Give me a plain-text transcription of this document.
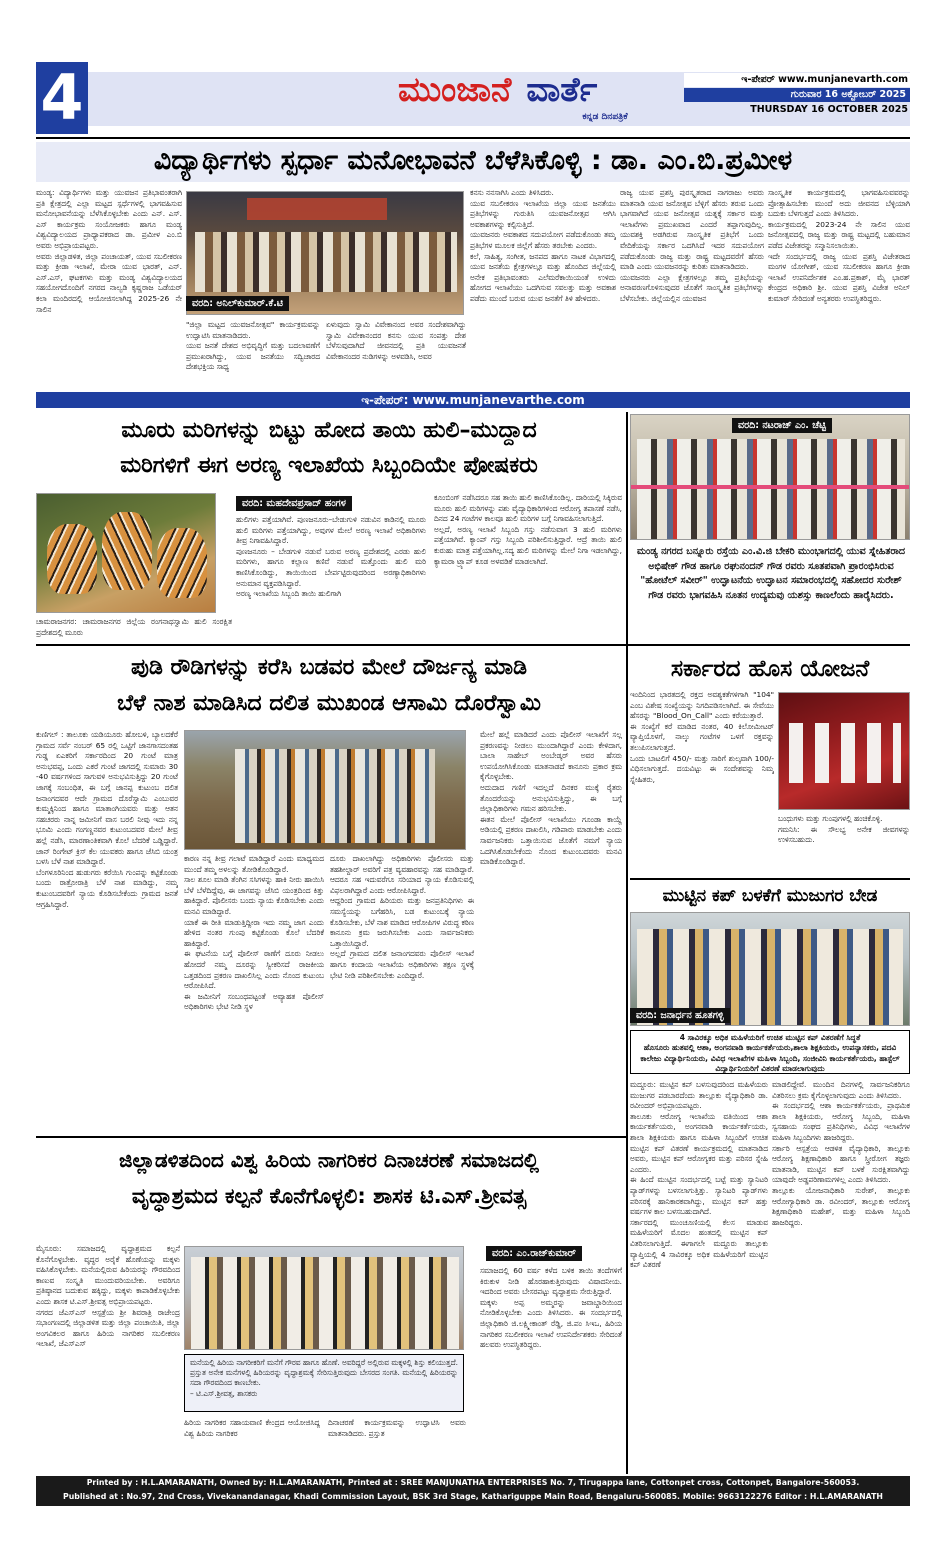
4	ಮುಂಜಾನೆ ವಾರ್ತೆ
ಕನ್ನಡ ದಿನಪತ್ರಿಕೆ
ಇ-ಪೇಪರ್ www.munjanevarth.com
ಗುರುವಾರ 16 ಅಕ್ಟೋಬರ್ 2025
THURSDAY 16 OCTOBER 2025
ವಿದ್ಯಾರ್ಥಿಗಳು ಸ್ಪರ್ಧಾ ಮನೋಭಾವನೆ ಬೆಳೆಸಿಕೊಳ್ಳಿ : ಡಾ. ಎಂ.ಬಿ.ಪ್ರಮೀಳ
ಮಂಡ್ಯ: ವಿದ್ಯಾರ್ಥಿಗಳು ಮತ್ತು ಯುವಜನ ಪ್ರತಿಭಾವಂತರಾಗಿ ಪ್ರತಿ ಕ್ಷೇತ್ರದಲ್ಲಿ ಎಲ್ಲಾ ಮಟ್ಟದ ಸ್ಪರ್ಧೆಗಳಲ್ಲಿ ಭಾಗವಹಿಸುವ ಮನೋಭಾವನೆಯನ್ನು ಬೆಳೆಸಿಕೊಳ್ಳಬೇಕು ಎಂದು ಎನ್. ಎಸ್. ಎಸ್ ಕಾರ್ಯಕ್ರಮ ಸಂಯೋಜಕರು ಹಾಗೂ ಮಂಡ್ಯ ವಿಶ್ವವಿದ್ಯಾಲಯದ ಪ್ರಾಧ್ಯಾಪಕರಾದ ಡಾ. ಪ್ರಮೀಳ ಎಂ.ಬಿ ಅವರು ಅಭಿಪ್ರಾಯಪಟ್ಟರು.
ಅವರು ಜಿಲ್ಲಾಡಳಿತ, ಜಿಲ್ಲಾ ಪಂಚಾಯತ್, ಯುವ ಸಬಲೀಕರಣ ಮತ್ತು ಕ್ರೀಡಾ ಇಲಾಖೆ, ಮೇರಾ ಯುವ ಭಾರತ್, ಎನ್. ಎಸ್.ಎಸ್, ಘಟಕಗಳು ಮತ್ತು ಮಂಡ್ಯ ವಿಶ್ವವಿದ್ಯಾಲಯದ ಸಹಯೋಗದೊಂದಿಗೆ ನಗರದ ನಾಲ್ವಡಿ ಕೃಷ್ಣರಾಜ ಒಡೆಯರ್ ಕಲಾ ಮಂದಿರದಲ್ಲಿ ಆಯೋಜಿಸಲಾಗಿದ್ದ 2025-26 ನೇ ಸಾಲಿನ
ವರದಿ: ಅನಿಲ್‌ಕುಮಾರ್.ಕೆ.ಟಿ
"ಜಿಲ್ಲಾ ಮಟ್ಟದ ಯುವಜನೋತ್ಸವ" ಕಾರ್ಯಕ್ರಮವನ್ನು ಉದ್ಘಾಟಿಸಿ ಮಾತನಾಡಿದರು.
ಯುವ ಜನತೆ ದೇಶದ ಅಭಿವೃದ್ಧಿಗೆ ಮತ್ತು ಬದಲಾವಣೆಗೆ ಪ್ರಮುಖರಾಗಿದ್ದು, ಯುವ ಜನತೆಯು ಸದ್ವಿಚಾರದ ದೇಶಭಕ್ತಿಯ ಸಾಧ್ಯ
ಏಳುವುದು ಸ್ವಾಮಿ ವಿವೇಕಾನಂದ ಅವರ ಸಂದೇಶವಾಗಿದ್ದು ಸ್ವಾಮಿ ವಿವೇಕಾನಂದರ ಕನಸು ಯುವ ಸಂಪತ್ತು ದೇಶ ಬೆಳೆಸುವುದಾಗಿದೆ ಜೀವನದಲ್ಲಿ ಪ್ರತಿ ಯುವಜನತೆ ವಿವೇಕಾನಂದರ ನುಡಿಗಳನ್ನು ಅಳವಡಿಸಿ, ಅವರ
ಕನಸು ನನಸಾಗಿಸಿ ಎಂದು ತಿಳಿಸಿದರು.
ಯುವ ಸಬಲೀಕರಣ ಇಲಾಖೆಯ ಜಿಲ್ಲಾ ಯುವ ಜನತೆಯು ಪ್ರತಿಭೆಗಳನ್ನು ಗುರುತಿಸಿ ಯುವಜನೋತ್ಸವ ಆಗಿಸಿ ಅವಕಾಶಗಳನ್ನು ಕಲ್ಪಿಸುತ್ತಿದೆ.
ಯುವಜನರು ಅವಕಾಶದ ಸದುಪಯೋಗ ಪಡೆದುಕೊಂಡು ತಮ್ಮ ಪ್ರತಿಭೆಗಳ ಮೂಲಕ ಜಿಲ್ಲೆಗೆ ಹೆಸರು ತರಬೇಕು ಎಂದರು.
ಕಲೆ, ಸಾಹಿತ್ಯ, ಸಂಗೀತ, ಜನಪದ ಹಾಗೂ ನಾಟಕ ವಿಭಾಗದಲ್ಲಿ ಯುವ ಜನತೆಯ ಕ್ಷೇತ್ರಗಳಲ್ಲೂ ಮತ್ತು ಹೊಂದಿದ ಜಿಲ್ಲೆಯಲ್ಲಿ ಅನೇಕ ಪ್ರತಿಭಾವಂತರು ಎಲೆಮರೆಕಾಯಿಯಂತೆ ಉಳಿದು ಹೋಗದ ಇಲಾಖೆಯು ಒದಗಿಸುವ ಸವಲತ್ತು ಮತ್ತು ಅವಕಾಶ ಪಡೆದು ಮುಂದೆ ಬರುವ ಯುವ ಜನತೆಗೆ ತಿಳಿ ಹೇಳಿದರು.
ರಾಜ್ಯ ಯುವ ಪ್ರಶಸ್ತಿ ಪುರಸ್ಕೃತರಾದ ನಾಗರಾಜು ಅವರು ಮಾತನಾಡಿ ಯುವ ಜನೋತ್ಸವ ಬೆಳ್ಳಿಗೆ ಹೆಸರು ತರುವ ಒಂದು ಭಾಗವಾಗಿದೆ ಯುವ ಜನೋತ್ಸವ ಯತ್ನಕ್ಕೆ ಸರ್ಕಾರ ಮತ್ತು ಇಲಾಖೆಗಳು ಪ್ರಮುಖವಾದ ಎಂದರೆ ತಪ್ಪಾಗುವುದಿಲ್ಲ. ಯುವಶಕ್ತಿ ಅಡಗಿರುವ ಸಾಂಸ್ಕೃತಿಕ ಪ್ರತಿಭೆಗೆ ಒಂದು ವೇದಿಕೆಯನ್ನು ಸರ್ಕಾರ ಒದಗಿಸಿದೆ ಇದರ ಸದುಪಯೋಗ ಪಡೆದುಕೊಂಡು ರಾಜ್ಯ ಮತ್ತು ರಾಷ್ಟ್ರ ಮಟ್ಟದವರೆಗೆ ಹೆಸರು ಮಾಡಿ ಎಂದು ಯುವಜನರನ್ನು ಕುರಿತು ಮಾತನಾಡಿದರು.
ಯುವಜನರು ಎಲ್ಲಾ ಕ್ಷೇತ್ರಗಳಲ್ಲೂ ತಮ್ಮ ಪ್ರತಿಭೆಯನ್ನು ಅನಾವರಣಗೊಳಿಸುವುದರ ಜೊತೆಗೆ ಸಾಂಸ್ಕೃತಿಕ ಪ್ರತಿಭೆಗಳನ್ನು ಬೆಳೆಸಬೇಕು. ಜಿಲ್ಲೆಯಲ್ಲಿನ ಯುವಜನ
ಸಾಂಸ್ಕೃತಿಕ ಕಾರ್ಯಕ್ರಮದಲ್ಲಿ ಭಾಗವಹಿಸುವವರನ್ನು ಪ್ರೋತ್ಸಾಹಿಸಬೇಕು ಮುಂದೆ ಅದು ಜೀವನದ ಬೆಳ್ಳಿಯಾಗಿ ಬದುಕು ಬೆಳಗುತ್ತದೆ ಎಂದು ತಿಳಿಸಿದರು.
ಕಾರ್ಯಕ್ರಮದಲ್ಲಿ 2023-24 ನೇ ಸಾಲಿನ ಯುವ ಜನೋತ್ಸವದಲ್ಲಿ ರಾಜ್ಯ ಮತ್ತು ರಾಷ್ಟ್ರ ಮಟ್ಟದಲ್ಲಿ ಬಹುಮಾನ ಪಡೆದ ವಿಜೇತರನ್ನು ಸನ್ಮಾನಿಸಲಾಯಿತು.
ಇದೇ ಸಂದರ್ಭದಲ್ಲಿ ರಾಜ್ಯ ಯುವ ಪ್ರಶಸ್ತಿ ವಿಜೇತರಾದ ಮಂಗಳ ಯೋಗೀಶ್, ಯುವ ಸಬಲೀಕರಣ ಹಾಗೂ ಕ್ರೀಡಾ ಇಲಾಖೆ ಉಪನಿರ್ದೇಶಕ ಎಂ.ಹ.ಪ್ರಕಾಶ್, ಮೈ ಭಾರತ್ ಕೇಂದ್ರದ ಅಧಿಕಾರಿ ಶ್ರೀ. ಯುವ ಪ್ರಶಸ್ತಿ ವಿಜೇತ ಅನಿಲ್ ಕುಮಾರ್ ಸೇರಿದಂತೆ ಅನ್ಯತರರು ಉಪಸ್ಥಿತರಿದ್ದರು.
ಇ-ಪೇಪರ್: www.munjanevarthe.com
ಮೂರು ಮರಿಗಳನ್ನು ಬಿಟ್ಟು ಹೋದ ತಾಯಿ ಹುಲಿ–ಮುದ್ದಾದ
ಮರಿಗಳಿಗೆ ಈಗ ಅರಣ್ಯ ಇಲಾಖೆಯ ಸಿಬ್ಬಂದಿಯೇ ಪೋಷಕರು
ಚಾಮರಾಜನಗರ: ಚಾಮರಾಜನಗರ ಜಿಲ್ಲೆಯ ರಂಗನಾಥಸ್ವಾಮಿ ಹುಲಿ ಸಂರಕ್ಷಿತ ಪ್ರದೇಶದಲ್ಲಿ ಮೂರು
ವರದಿ: ಮಹದೇವಪ್ರಸಾದ್ ಹಂಗಳ
ಹುಲಿಗಳು ಪತ್ತೆಯಾಗಿವೆ. ಪುಣಜನೂರು–ಬೇಡುಗುಳಿ ನಡುವಿನ ಕಾಡಿನಲ್ಲಿ ಮೂರು ಹುಲಿ ಮರಿಗಳು ಪತ್ತೆಯಾಗಿದ್ದು, ಅವುಗಳ ಮೇಲೆ ಅರಣ್ಯ ಇಲಾಖೆ ಅಧಿಕಾರಿಗಳು ತೀವ್ರ ನಿಗಾವಹಿಸಿದ್ದಾರೆ.
ಪುಣಜನೂರು – ಬೇಡಗುಳಿ ನಡುವೆ ಬರುವ ಅರಣ್ಯ ಪ್ರದೇಶದಲ್ಲಿ ಎರಡು ಹುಲಿ ಮರಿಗಳು, ಹಾಗೂ ಕಲ್ಲಾಣ ಕಣಿವೆ ನಡುವೆ ಮತ್ತೊಂದು ಹುಲಿ ಮರಿ ಕಾಣಿಸಿಕೊಂಡಿದ್ದು, ತಾಯಿಯಿಂದ ಬೇರ್ಪಟ್ಟಿರುವುದರಿಂದ ಅರಣ್ಯಾಧಿಕಾರಿಗಳು ಅನುಮಾನ ವ್ಯಕ್ತಪಡಿಸಿದ್ದಾರೆ.
ಅರಣ್ಯ ಇಲಾಖೆಯ ಸಿಬ್ಬಂದಿ ತಾಯಿ ಹುಲಿಗಾಗಿ
ಕೂಂಬಿಂಗ್ ನಡೆಸಿದರೂ ಸಹ ತಾಯಿ ಹುಲಿ ಕಾಣಿಸಿಕೊಂಡಿಲ್ಲ. ದಾರಿಯಲ್ಲಿ ಸಿಕ್ಕಿರುವ ಮೂರು ಹುಲಿ ಮರಿಗಳನ್ನು ಪಶು ವೈದ್ಯಾಧಿಕಾರಿಗಳಿಂದ ಆರೋಗ್ಯ ತಪಾಸಣೆ ನಡೆಸಿ, ದಿನದ 24 ಗಂಟೆಗಳ ಕಾಲವೂ ಹುಲಿ ಮರಿಗಳ ಬಗ್ಗೆ ನಿಗಾವಹಿಸಲಾಗುತ್ತಿದೆ.
ಅಲ್ಲದೆ, ಅರಣ್ಯ ಇಲಾಖೆ ಸಿಬ್ಬಂದಿ ಗಸ್ತು ನಡೆಸುವಾಗ 3 ಹುಲಿ ಮರಿಗಳು ಪತ್ತೆಯಾಗಿವೆ. ಕ್ಯಾಂಪ್ ಗಸ್ತು ಸಿಬ್ಬಂದಿ ಪರಿಶೀಲಿಸುತ್ತಿದ್ದಾರೆ. ಆದ್ರೆ ತಾಯಿ ಹುಲಿ ಕುರುಹು ಮಾತ್ರ ಪತ್ತೆಯಾಗಿಲ್ಲ.ಸದ್ಯ ಹುಲಿ ಮರಿಗಳನ್ನು ಮೇಲೆ ನಿಗಾ ಇಡಲಾಗಿದ್ದು, ಕ್ಯಾಮರಾ ಟ್ರ್ಯಾಪ್ ಕೂಡ ಅಳವಡಿಕೆ ಮಾಡಲಾಗಿದೆ.
ವರದಿ: ನಟರಾಜ್ ಎಂ. ಚೆಟ್ಟಿ
ಮಂಡ್ಯ ನಗರದ ಬನ್ನೂರು ರಸ್ತೆಯ ಎಂ.ವಿ.ಜಿ ಬೇಕರಿ ಮುಂಭಾಗದಲ್ಲಿ ಯುವ ಸ್ನೇಹಿತರಾದ ಅಭಿಷೇಕ್ ಗೌಡ ಹಾಗೂ ರಘುನಂದನ್ ಗೌಡ ರವರು ಸೂತಪವಾಗಿ ಪ್ರಾರಂಭಿಸಿರುವ "ಹೋಟೆಲ್ ಸವೀರ್" ಉದ್ಘಾಟನೆಯ ಉದ್ಘಾಟನ ಸಮಾರಂಭದಲ್ಲಿ ಸಹೋದರ ಸುರೇಶ್ ಗೌಡ ರವರು ಭಾಗವಹಿಸಿ ನೂತನ ಉದ್ಯಮವು ಯಶಸ್ಸು ಕಾಣಲೆಂದು ಹಾರೈಸಿದರು.
ಪುಡಿ ರೌಡಿಗಳನ್ನು ಕರೆಸಿ ಬಡವರ ಮೇಲೆ ದೌರ್ಜನ್ಯ ಮಾಡಿ
ಬೆಳೆ ನಾಶ ಮಾಡಿಸಿದ ದಲಿತ ಮುಖಂಡ ಆಸಾಮಿ ದೊರೆಸ್ವಾಮಿ
ಕುಣಿಗಲ್ : ತಾಲೂಕು ಯಡಿಯೂರು ಹೋಬಳಿ, ಬ್ಯಾಲದಕೆರೆ ಗ್ರಾಮದ ಸರ್ವೆ ನಂಬರ್ 65 ರಲ್ಲಿ ಒಟ್ಟಿಗೆ ಜಾನಗಾಸದಂತಹ ಗುಡ್ಡ ಏಎಕರಿಗೆ ಸರ್ಕಾರದಿಂದ 20 ಗುಂಟೆ ಮಾತ್ರ ಅನುಭವಪ್ಪ, ಒಂದು ಎಕರೆ ಗುಂಟೆ ಜಾಗದಲ್ಲಿ ಸುಮಾರು 30 -40 ವರ್ಷಗಳಿಂದ ಸಾಗುವಳಿ ಅನುಭವಿಸುತ್ತಿದ್ದು 20 ಗುಂಟೆ ಜಾಗಕ್ಕೆ ಸಂಬಂಧಿತ, ಈ ಬಗ್ಗೆ ಜಾನಪ್ಪ ಕುಟುಂಬ ದಲಿತ ಜನಾಂಗದವರ ಆದೇ ಗ್ರಾಮದ ದೊರೆಸ್ವಾಮಿ ಎಂಬುವರ ಕುಮ್ಮಕ್ಕಿನಿಂದ ಹಾಗೂ ಮಾತಾಂಗಿಯವರು ಮತ್ತು ಆತನ ಸಹಚರರು ನಾನ್ನ ಜಮೀನಿಗೆ ವಾಸ ಬರಲಿ ನೀವು ಇದು ನನ್ನ ಭೂಮಿ ಎಂದು ಗಂಗಣ್ಣನವರ ಕುಟುಂಬದವರ ಮೇಲೆ ತೀವ್ರ ಹಲ್ಲೆ ನಡೆಸಿ, ಮಾರಣಾಂತಿಕವಾಗಿ ಕೊಲೆ ಬೆದರಿಕೆ ಒಡ್ಡಿದ್ದಾರೆ. ಜಾನ್‌ ರಿಂಗೇಟ್ ಕ್ರಿಸ್‌ ಕೆಲ ಯುವಕರು ಹಾಗೂ ಜೆಸಿಬಿ ಯಂತ್ರ ಬಳಸಿ ಬೆಳೆ ನಾಶ ಮಾಡಿದ್ದಾರೆ.
ಬೆಂಗಳೂರಿನಿಂದ ಹುಡುಗರು ಕರೆಯಿಸಿ ಗುಂಪನ್ನು ಕಟ್ಟಿಕೊಂಡು ಬಂದು ರಾತ್ರೋರಾತ್ರಿ ಬೆಳೆ ನಾಶ ಮಾಡಿದ್ದು, ನಮ್ಮ ಕುಟುಂಬದವರಿಗೆ ನ್ಯಾಯ ಕೊಡಿಸಬೇಕೆಂದು ಗ್ರಾಮದ ಜನತೆ ಆಗ್ರಹಿಸಿದ್ದಾರೆ.
ಕಾರಣ ನನ್ನ ತೀವ್ರ ಗಲಾಟೆ ಮಾಡಿದ್ದಾರೆ ಎಂದು ಮಾಧ್ಯಮದ ಮುಂದೆ ತಮ್ಮ ಅಳಲನ್ನು ತೋಡಿಕೊಂಡಿದ್ದಾರೆ.
ಸಾಲ ಶೂಲ ಮಾಡಿ ತೆಂಗಿನ ಸಸಿಗಳನ್ನು ಹಾಕಿ ನೀರು ಹಾಯಿಸಿ ಬೆಳೆ ಬೆಳೆದಿದ್ದೆವು, ಈ ಜಾಗವನ್ನು ಜೆಸಿಬಿ ಯಂತ್ರದಿಂದ ಕಿತ್ತು ಹಾಕಿದ್ದಾರೆ. ಪೊಲೀಸರು ಬಂದು ನ್ಯಾಯ ಕೊಡಿಸಬೇಕು ಎಂದು ಮನವಿ ಮಾಡಿದ್ದಾರೆ.
ಯಾಕೆ ಈ ರೀತಿ ಮಾಡುತ್ತಿದ್ದೀರಾ ಇದು ನಮ್ಮ ಜಾಗ ಎಂದು ಹೇಳಿದ ನಂತರ ಗುಂಪು ಕಟ್ಟಿಕೊಂಡು ಕೊಲೆ ಬೆದರಿಕೆ ಹಾಕಿದ್ದಾರೆ.
ಈ ಘಟನೆಯ ಬಗ್ಗೆ ಪೊಲೀಸ್ ಠಾಣೆಗೆ ದೂರು ನೀಡಲು ಹೋದರೆ ನಮ್ಮ ದೂರನ್ನು ಸ್ವೀಕರಿಸದೆ ರಾಜಕೀಯ ಒತ್ತಡದಿಂದ ಪ್ರಕರಣ ದಾಖಲಿಸಿಲ್ಲ ಎಂದು ನೊಂದ ಕುಟುಂಬ ಆರೋಪಿಸಿದೆ.
ಈ ಜಮೀನಿಗೆ ಸಂಬಂಧಪಟ್ಟಂತೆ ಅವ್ಯಾಹತ ಪೊಲೀಸ್ ಅಧಿಕಾರಿಗಳು ಭೇಟಿ ನೀಡಿ ಸ್ಥಳ
ದೂರು ದಾಖಲಾಗಿದ್ದು ಅಧಿಕಾರಿಗಳು ಪೊಲೀಸರು ಮತ್ತು ತಹಶೀಲ್ದಾರ್ ಅವರಿಗೆ ಪತ್ರ ವ್ಯವಹಾರವನ್ನು ಸಹ ಮಾಡಿದ್ದಾರೆ. ಆದರೂ ಸಹ ಇದುವರೆಗೂ ಸರಿಯಾದ ನ್ಯಾಯ ಕೊಡಿಸುವಲ್ಲಿ ವಿಫಲರಾಗಿದ್ದಾರೆ ಎಂದು ಆರೋಪಿಸಿದ್ದಾರೆ.
ಆದ್ದರಿಂದ ಗ್ರಾಮದ ಹಿರಿಯರು ಮತ್ತು ಜನಪ್ರತಿನಿಧಿಗಳು ಈ ಸಮಸ್ಯೆಯನ್ನು ಬಗೆಹರಿಸಿ, ಬಡ ಕುಟುಂಬಕ್ಕೆ ನ್ಯಾಯ ಕೊಡಿಸಬೇಕು, ಬೆಳೆ ನಾಶ ಮಾಡಿದ ಆರೋಪಿಗಳ ವಿರುದ್ಧ ಕಠಿಣ ಕಾನೂನು ಕ್ರಮ ಜರುಗಿಸಬೇಕು ಎಂದು ಸಾರ್ವಜನಿಕರು ಒತ್ತಾಯಿಸಿದ್ದಾರೆ.
ಅಲ್ಲದೆ ಗ್ರಾಮದ ದಲಿತ ಜನಾಂಗದವರು ಪೊಲೀಸ್ ಇಲಾಖೆ ಹಾಗೂ ಕಂದಾಯ ಇಲಾಖೆಯ ಅಧಿಕಾರಿಗಳು ತಕ್ಷಣ ಸ್ಥಳಕ್ಕೆ ಭೇಟಿ ನೀಡಿ ಪರಿಶೀಲಿಸಬೇಕು ಎಂದಿದ್ದಾರೆ.
ಮೇಲೆ ಹಲ್ಲೆ ಮಾಡಿದರೆ ಎಂದು ಪೊಲೀಸ್ ಇಲಾಖೆಗೆ ಸಲ್ಲ ಪ್ರಕರಣವನ್ನು ನೀಡಲು ಮುಂದಾಗಿದ್ದಾರೆ ಎಂದು ಕೇಳಿದಾಗ, ಬಾಲಾ ಸಾಹೇಬ್ ಅಂಬೇಡ್ಕರ್ ಅವರ ಹೆಸರು ಉಪಯೋಗಿಸಿಕೊಂಡು ಮಾತನಾಡದೆ ಕಾನೂನು ಪ್ರಕಾರ ಕ್ರಮ ಕೈಗೊಳ್ಳಬೇಕು.
ಅದುದಾದ ಗಣಿಗೆ ಇದಲ್ಲದೆ ದಿನಕರ ಮುಕ್ಕೆ ರೈತರು ತೊಂದರೆಯನ್ನು ಅನುಭವಿಸುತ್ತಿದ್ದು, ಈ ಬಗ್ಗೆ ಜಿಲ್ಲಾಧಿಕಾರಿಗಳು ಗಮನ ಹರಿಸಬೇಕು.
ಈತನ ಮೇಲೆ ಪೊಲೀಸ್ ಇಲಾಖೆಯು ಗೂಂಡಾ ಕಾಯ್ದೆ ಅಡಿಯಲ್ಲಿ ಪ್ರಕರಣ ದಾಖಲಿಸಿ, ಗಡಿಪಾರು ಮಾಡಬೇಕು ಎಂದು ಸಾರ್ವಜನಿಕರು ಒತ್ತಾಯಿಸುವ ಜೊತೆಗೆ ನಮಗೆ ನ್ಯಾಯ ಒದಗಿಸಿಕೊಡಬೇಕೆಂದು ನೊಂದ ಕುಟುಂಬದವರು ಮನವಿ ಮಾಡಿಕೊಂಡಿದ್ದಾರೆ.
ಸರ್ಕಾರದ ಹೊಸ ಯೋಜನೆ
ಇಂದಿನಿಂದ ಭಾರತದಲ್ಲಿ ರಕ್ತದ ಅವಶ್ಯಕತೆಗಳಿಗಾಗಿ "104" ಎಂಬ ವಿಶೇಷ ಸಂಖ್ಯೆಯನ್ನು ನಿಗದಿಪಡಿಸಲಾಗಿದೆ. ಈ ಸೇವೆಯು ಹೆಸರನ್ನು "Blood_On_Call" ಎಂದು ಕರೆಯುತ್ತಾರೆ.
ಈ ಸಂಖ್ಯೆಗೆ ಕರೆ ಮಾಡಿದ ನಂತರ, 40 ಕಿಲೋಮೀಟರ್ ವ್ಯಾಪ್ತಿಯೊಳಗೆ, ನಾಲ್ಕು ಗಂಟೆಗಳ ಒಳಗೆ ರಕ್ತವನ್ನು ತಲುಪಿಸಲಾಗುತ್ತದೆ.
ಒಂದು ಬಾಟಲಿಗೆ 450/- ಮತ್ತು ಸಾರಿಗೆ ಶುಲ್ಕವಾಗಿ 100/- ವಿಧಿಸಲಾಗುತ್ತದೆ. ದಯವಿಟ್ಟು ಈ ಸಂದೇಶವನ್ನು ನಿಮ್ಮ ಸ್ನೇಹಿತರು,
ಬಂಧುಗಳು ಮತ್ತು ಗುಂಪುಗಳಲ್ಲಿ ಹಂಚಿಕೊಳ್ಳಿ.
ಗಮನಿಸಿ: ಈ ಸೌಲಭ್ಯ ಅನೇಕ ಜೀವಗಳನ್ನು ಉಳಿಸಬಹುದು.
ಮುಟ್ಟಿನ ಕಪ್ ಬಳಕೆಗೆ ಮುಜುಗರ ಬೇಡ
ವರದಿ: ಜನಾರ್ಧನ ಹೂತಗಳ್ಳಿ
4 ಸಾವಿರಕ್ಕೂ ಅಧಿಕ ಮಹಿಳೆಯರಿಗೆ ಉಚಿತ ಮುಟ್ಟಿನ ಕಪ್ ವಿತರಣೆಗೆ ಸಿದ್ಧತೆ
ಹೊಸೂರು ಹುತವಲ್ಲಿ ಆಶಾ, ಅಂಗನವಾಡಿ ಕಾರ್ಯಕರ್ತೆಯರು,ಶಾಲಾ ಶಿಕ್ಷಕಿಯರು, ಉಪನ್ಯಾಸಕರು, ಪದವಿ ಕಾಲೇಜು ವಿದ್ಯಾರ್ಥಿನಿಯರು, ವಿವಿಧ ಇಲಾಖೆಗಳ ಮಹಿಳಾ ಸಿಬ್ಬಂದಿ, ಸಂಜೀವಿನಿ ಕಾರ್ಯಕರ್ತೆಯರು, ಹಾಸ್ಟೆಲ್ ವಿದ್ಯಾರ್ಥಿನಿಯರಿಗೆ ವಿತರಣೆ ಮಾಡಲಾಗುವುದು

ಮದ್ದೂರು: ಮುಟ್ಟಿನ ಕಪ್ ಬಳಸುವುದರಿಂದ ಮಹಿಳೆಯರು ಮುಜುಗರ ಪಡಬಾರದೆಂದು ತಾಲ್ಲೂಕು ವೈದ್ಯಾಧಿಕಾರಿ ಡಾ. ರವೀಂದರ್ ಅಭಿಪ್ರಾಯಪಟ್ಟರು.
ತಾಲೂಕು ಆರೋಗ್ಯ ಇಲಾಖೆಯ ವತಿಯಿಂದ ಆಶಾ ಕಾರ್ಯಕರ್ತೆಯರು, ಅಂಗನವಾಡಿ ಕಾರ್ಯಕರ್ತೆಯರು, ಶಾಲಾ ಶಿಕ್ಷಕಿಯರು ಹಾಗೂ ಮಹಿಳಾ ಸಿಬ್ಬಂದಿಗೆ ಉಚಿತ ಮುಟ್ಟಿನ ಕಪ್ ವಿತರಣೆ ಕಾರ್ಯಕ್ರಮದಲ್ಲಿ ಮಾತನಾಡಿದ ಅವರು, ಮುಟ್ಟಿನ ಕಪ್ ಆರೋಗ್ಯಕರ ಮತ್ತು ಪರಿಸರ ಸ್ನೇಹಿ ಎಂದರು.
ಈ ಹಿಂದೆ ಮುಟ್ಟಿನ ಸಂದರ್ಭದಲ್ಲಿ ಬಟ್ಟೆ ಮತ್ತು ಸ್ಯಾನಿಟರಿ ಪ್ಯಾಡ್‌ಗಳನ್ನು ಬಳಸಲಾಗುತ್ತಿತ್ತು. ಸ್ಯಾನಿಟರಿ ಪ್ಯಾಡ್‌ಗಳು ಪರಿಸರಕ್ಕೆ ಹಾನಿಕಾರಕವಾಗಿದ್ದು, ಮುಟ್ಟಿನ ಕಪ್ ಹತ್ತು ವರ್ಷಗಳ ಕಾಲ ಬಳಸಬಹುದಾಗಿದೆ.
ಸರ್ಕಾರದಲ್ಲಿ ಮುಂಚೂಣಿಯಲ್ಲಿ ಕೆಲಸ ಮಾಡುವ ಮಹಿಳೆಯರಿಗೆ ಮೊದಲ ಹಂತದಲ್ಲಿ ಮುಟ್ಟಿನ ಕಪ್ ವಿತರಿಸಲಾಗುತ್ತಿದೆ. ಈಗಾಗಲೇ ಮದ್ದೂರು ತಾಲ್ಲೂಕು ವ್ಯಾಪ್ತಿಯಲ್ಲಿ 4 ಸಾವಿರಕ್ಕೂ ಅಧಿಕ ಮಹಿಳೆಯರಿಗೆ ಮುಟ್ಟಿನ ಕಪ್ ವಿತರಣೆ
ಮಾಡಲಿದ್ದೇವೆ. ಮುಂದಿನ ದಿನಗಳಲ್ಲಿ ಸಾರ್ವಜನಿಕರಿಗೂ ವಿತರಿಸಲು ಕ್ರಮ ಕೈಗೊಳ್ಳಲಾಗುವುದು ಎಂದು ತಿಳಿಸಿದರು.
ಈ ಸಂದರ್ಭದಲ್ಲಿ ಆಶಾ ಕಾರ್ಯಕರ್ತೆಯರು, ಪ್ರಾಥಮಿಕ ಶಾಲಾ ಶಿಕ್ಷಕಿಯರು, ಆರೋಗ್ಯ ಸಿಬ್ಬಂದಿ, ಮಹಿಳಾ ಸ್ವಸಹಾಯ ಸಂಘದ ಪ್ರತಿನಿಧಿಗಳು, ವಿವಿಧ ಇಲಾಖೆಗಳ ಮಹಿಳಾ ಸಿಬ್ಬಂದಿಗಳು ಹಾಜರಿದ್ದರು.
ಸರ್ಕಾರಿ ಆಸ್ಪತ್ರೆಯ ಆಡಳಿತ ವೈದ್ಯಾಧಿಕಾರಿ, ತಾಲ್ಲೂಕು ಆರೋಗ್ಯ ಶಿಕ್ಷಣಾಧಿಕಾರಿ ಹಾಗೂ ಸ್ತ್ರೀರೋಗ ತಜ್ಞರು ಮಾತನಾಡಿ, ಮುಟ್ಟಿನ ಕಪ್ ಬಳಕೆ ಸುರಕ್ಷಿತವಾಗಿದ್ದು ಯಾವುದೇ ಅಡ್ಡಪರಿಣಾಮಗಳಿಲ್ಲ ಎಂದು ತಿಳಿಸಿದರು.
ತಾಲ್ಲೂಕು ಯೋಜನಾಧಿಕಾರಿ ಸುರೇಶ್, ತಾಲ್ಲೂಕು ಆರೋಗ್ಯಾಧಿಕಾರಿ ಡಾ. ರವೀಂದರ್, ತಾಲ್ಲೂಕು ಆರೋಗ್ಯ ಶಿಕ್ಷಣಾಧಿಕಾರಿ ಮಹೇಶ್, ಮತ್ತು ಮಹಿಳಾ ಸಿಬ್ಬಂದಿ ಹಾಜರಿದ್ದರು.
ಜಿಲ್ಲಾಡಳಿತದಿಂದ ವಿಶ್ವ ಹಿರಿಯ ನಾಗರಿಕರ ದಿನಾಚರಣೆ ಸಮಾಜದಲ್ಲಿ
ವೃದ್ಧಾಶ್ರಮದ ಕಲ್ಪನೆ ಕೊನೆಗೊಳ್ಳಲಿ: ಶಾಸಕ ಟಿ.ಎಸ್.ಶ್ರೀವತ್ಸ
ಮೈಸೂರು: ಸಮಾಜದಲ್ಲಿ ವೃದ್ಧಾಶ್ರಮದ ಕಲ್ಪನೆ ಕೊನೆಗೊಳ್ಳಬೇಕು. ವೃದ್ಧರ ಅರೈಕೆ ಹೊಣೆಯನ್ನು ಮಕ್ಕಳು ವಹಿಸಿಕೊಳ್ಳಬೇಕು. ಮನೆಯಲ್ಲಿರುವ ಹಿರಿಯರನ್ನು ಗೌರವದಿಂದ ಕಾಣುವ ಸಂಸ್ಕೃತಿ ಮುಂದುವರಿಯಬೇಕು. ಅವರಿಗೂ ಪ್ರತಿಷ್ಠಾನದ ಬದುಕುವ ಹಕ್ಕಿದ್ದು, ಮಕ್ಕಳು ಕಾಪಾಡಿಕೊಳ್ಳಬೇಕು ಎಂದು ಶಾಸಕ ಟಿ.ಎಸ್.ಶ್ರೀವತ್ಸ ಅಭಿಪ್ರಾಯಪಟ್ಟರು.
ನಗರದ ಜೆಎಸ್‌ಎಸ್ ಆಸ್ಪತ್ರೆಯ ಶ್ರೀ ಶಿವರಾತ್ರಿ ರಾಜೇಂದ್ರ ಸಭಾಂಗಣದಲ್ಲಿ ಜಿಲ್ಲಾಡಳಿತ ಮತ್ತು ಜಿಲ್ಲಾ ಪಂಚಾಯಿತಿ, ಜಿಲ್ಲಾ ಅಂಗವಿಕಲರ ಹಾಗೂ ಹಿರಿಯ ನಾಗರಿಕರ ಸಬಲೀಕರಣ ಇಲಾಖೆ, ಜೆಎಸ್‌ಎಸ್
ವರದಿ: ಎಂ.ರಾಜ್‌ಕುಮಾರ್
ಮನೆಯಲ್ಲಿ ಹಿರಿಯ ನಾಗರೀಕರಿಗೆ ಮನೆಗೆ ಗೌರವ ಹಾಗೂ ಹೊಣೆ. ಅವರಿದ್ದರೆ ಅಲ್ಲಿರುವ ಮಕ್ಕಳಲ್ಲಿ ಶಿಸ್ತು ಕಲಿಯುತ್ತದೆ. ಪ್ರಸ್ತುತ ಅನೇಕ ಮನೆಗಳಲ್ಲಿ ಹಿರಿಯರನ್ನು ವೃದ್ಧಾಶ್ರಮಕ್ಕೆ ಸೇರಿಸುತ್ತಿರುವುದು ಬೇಸರದ ಸಂಗತಿ. ಮನೆಯಲ್ಲಿ ಹಿರಿಯರನ್ನು ಸದಾ ಗೌರವದಿಂದ ಕಾಣಬೇಕು.
– ಟಿ.ಎಸ್.ಶ್ರೀವತ್ಸ, ಶಾಸಕರು
ಹಿರಿಯ ನಾಗರಿಕರ ಸಹಾಯವಾಣಿ ಕೇಂದ್ರದ ಆಯೋಜಿಸಿದ್ದ ವಿಶ್ವ ಹಿರಿಯ ನಾಗರಿಕರ
ದಿನಾಚರಣೆ ಕಾರ್ಯಕ್ರಮವನ್ನು ಉದ್ಘಾಟಿಸಿ ಅವರು ಮಾತನಾಡಿದರು. ಪ್ರಸ್ತುತ
ಸಮಾಜದಲ್ಲಿ 60 ವರ್ಷ ಕಳೆದ ಬಳಿಕ ತಾಯಿ ತಂದೆಗಳಿಗೆ ಕಿರುಕುಳ ನೀಡಿ ಹೊರಹಾಕುತ್ತಿರುವುದು ವಿಷಾದನೀಯ. ಇದರಿಂದ ಅವರು ಬೇಸರಪಟ್ಟು ವೃದ್ಧಾಶ್ರಮ ಸೇರುತ್ತಿದ್ದಾರೆ.
ಮಕ್ಕಳು ಅಪ್ಪ ಅಮ್ಮರನ್ನು ಜವಾಬ್ದಾರಿಯಿಂದ ನೋಡಿಕೊಳ್ಳಬೇಕು ಎಂದು ತಿಳಿಸಿದರು. ಈ ಸಂದರ್ಭದಲ್ಲಿ ಜಿಲ್ಲಾಧಿಕಾರಿ ಜಿ.ಲಕ್ಷ್ಮೀಕಾಂತ್ ರೆಡ್ಡಿ, ಜಿ.ಪಂ ಸಿಇಒ, ಹಿರಿಯ ನಾಗರಿಕರ ಸಬಲೀಕರಣ ಇಲಾಖೆ ಉಪನಿರ್ದೇಶಕರು ಸೇರಿದಂತೆ ಹಲವರು ಉಪಸ್ಥಿತರಿದ್ದರು.
Printed by : H.L.AMARANATH, Owned by: H.L.AMARANATH, Printed at : SREE MANJUNATHA ENTERPRISES No. 7, Tirugappa lane, Cottonpet cross, Cottonpet, Bangalore-560053.
Published at : No.97, 2nd Cross, Vivekanandanagar, Khadi Commission Layout, BSK 3rd Stage, Kathariguppe Main Road, Bengaluru-560085. Mobile: 9663122276 Editor : H.L.AMARANATH
